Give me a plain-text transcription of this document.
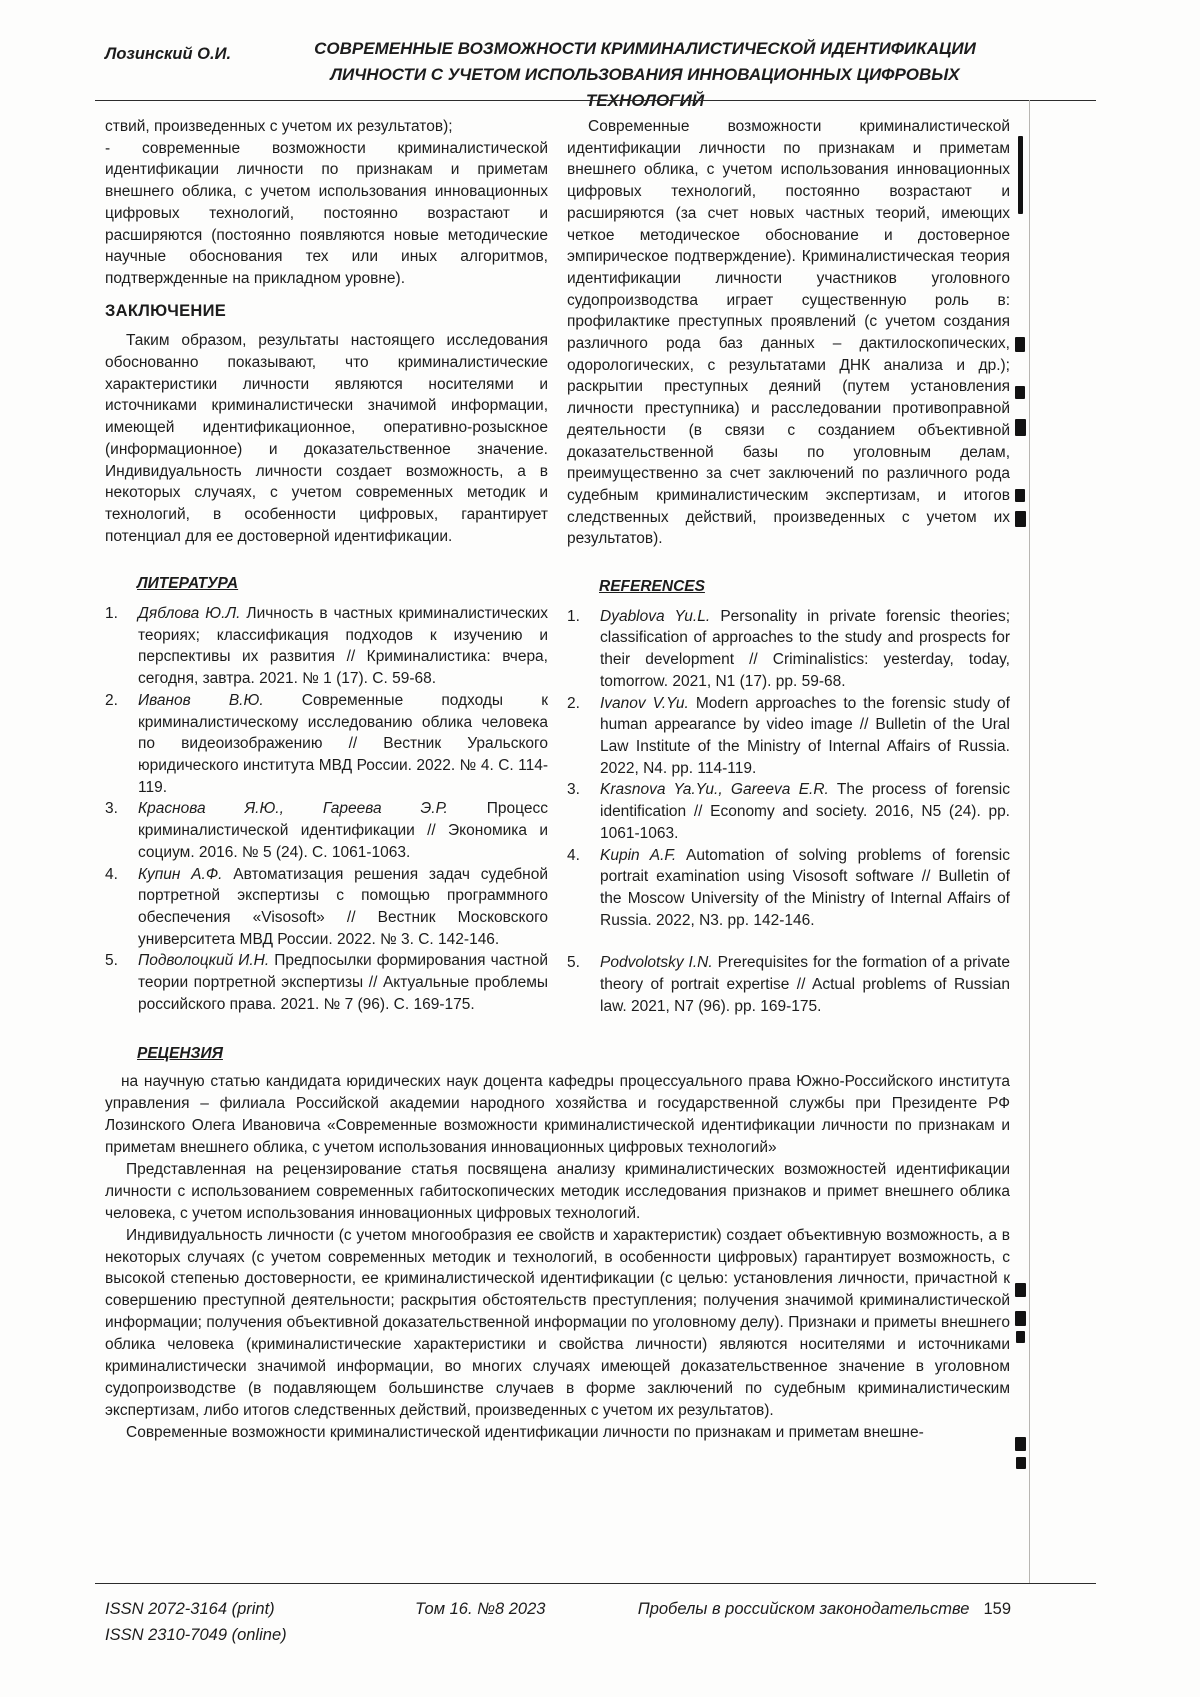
Лозинский О.И.	СОВРЕМЕННЫЕ ВОЗМОЖНОСТИ КРИМИНАЛИСТИЧЕСКОЙ ИДЕНТИФИКАЦИИ
ЛИЧНОСТИ С УЧЕТОМ ИСПОЛЬЗОВАНИЯ ИННОВАЦИОННЫХ ЦИФРОВЫХ ТЕХНОЛОГИЙ

ствий, произведенных с учетом их результатов);

- современные возможности криминалистической идентификации личности по признакам и приметам внешнего облика, с учетом использования инновационных цифровых технологий, постоянно возрастают и расширяются (постоянно появляются новые методические научные обоснования тех или иных алгоритмов, подтвержденные на прикладном уровне).

ЗАКЛЮЧЕНИЕ

Таким образом, результаты настоящего исследования обоснованно показывают, что криминалистические характеристики личности являются носителями и источниками криминалистически значимой информации, имеющей идентификационное, оперативно-розыскное (информационное) и доказательственное значение. Индивидуальность личности создает возможность, а в некоторых случаях, с учетом современных методик и технологий, в особенности цифровых, гарантирует потенциал для ее достоверной идентификации.

ЛИТЕРАТУРА
1.	Дяблова Ю.Л. Личность в частных криминалистических теориях; классификация подходов к изучению и перспективы их развития // Криминалистика: вчера, сегодня, завтра. 2021. № 1 (17). С. 59-68.
2.	Иванов В.Ю. Современные подходы к криминалистическому исследованию облика человека по видеоизображению // Вестник Уральского юридического института МВД России. 2022. № 4. С. 114-119.
3.	Краснова Я.Ю., Гареева Э.Р.	Процесс криминалистической идентификации // Экономика и социум. 2016. № 5 (24). С. 1061-1063.
4.	Купин А.Ф. Автоматизация решения задач судебной портретной экспертизы с помощью программного обеспечения «Visosoft» // Вестник Московского университета МВД России. 2022. № 3. С. 142-146.
5.	Подволоцкий И.Н. Предпосылки формирования частной теории портретной экспертизы // Актуальные проблемы российского права. 2021. № 7 (96). С. 169-175.

Современные возможности криминалистической идентификации личности по признакам и приметам внешнего облика, с учетом использования инновационных цифровых технологий, постоянно возрастают и расширяются (за счет новых частных теорий, имеющих четкое методическое обоснование и достоверное эмпирическое подтверждение). Криминалистическая теория идентификации личности участников уголовного судопроизводства играет существенную роль в: профилактике преступных проявлений (с учетом создания различного рода баз данных – дактилоскопических, одорологических, с результатами ДНК анализа и др.); раскрытии преступных деяний (путем установления личности преступника) и расследовании противоправной деятельности (в связи с созданием объективной доказательственной базы по уголовным делам, преимущественно за счет заключений по различного рода судебным криминалистическим экспертизам, и итогов следственных действий, произведенных с учетом их результатов).

REFERENCES
1.	Dyablova Yu.L. Personality in private forensic theories; classification of approaches to the study and prospects for their development // Criminalistics: yesterday, today, tomorrow. 2021, N1 (17). pp. 59-68.
2.	Ivanov V.Yu. Modern approaches to the forensic study of human appearance by video image // Bulletin of the Ural Law Institute of the Ministry of Internal Affairs of Russia. 2022, N4. pp. 114-119.
3.	Krasnova Ya.Yu., Gareeva E.R. The process of forensic identification // Economy and society. 2016, N5 (24). pp. 1061-1063.
4.	Kupin A.F. Automation of solving problems of forensic portrait examination using Visosoft software // Bulletin of the Moscow University of the Ministry of Internal Affairs of Russia. 2022, N3. pp. 142-146.
5.	Podvolotsky I.N. Prerequisites for the formation of a private theory of portrait expertise // Actual problems of Russian law. 2021, N7 (96). pp. 169-175.
РЕЦЕНЗИЯ

на научную статью кандидата юридических наук доцента кафедры процессуального права Южно-Российского института управления – филиала Российской академии народного хозяйства и государственной службы при Президенте РФ Лозинского Олега Ивановича «Современные возможности криминалистической идентификации личности по признакам и приметам внешнего облика, с учетом использования инновационных цифровых технологий»

Представленная на рецензирование статья посвящена анализу криминалистических возможностей идентификации личности с использованием современных габитоскопических методик исследования признаков и примет внешнего облика человека, с учетом использования инновационных цифровых технологий.

Индивидуальность личности (с учетом многообразия ее свойств и характеристик) создает объективную возможность, а в некоторых случаях (с учетом современных методик и технологий, в особенности цифровых) гарантирует возможность, с высокой степенью достоверности, ее криминалистической идентификации (с целью: установления личности, причастной к совершению преступной деятельности; раскрытия обстоятельств преступления; получения значимой криминалистической информации; получения объективной доказательственной информации по уголовному делу). Признаки и приметы внешнего облика человека (криминалистические характеристики и свойства личности) являются носителями и источниками криминалистически значимой информации, во многих случаях имеющей доказательственное значение в уголовном судопроизводстве (в подавляющем большинстве случаев в форме заключений по судебным криминалистическим экспертизам, либо итогов следственных действий, произведенных с учетом их результатов).

Современные возможности криминалистической идентификации личности по признакам и приметам внешне-

ISSN 2072-3164 (print)
ISSN 2310-7049 (online)
Том 16. №8 2023	Пробелы в российском законодательстве 159
